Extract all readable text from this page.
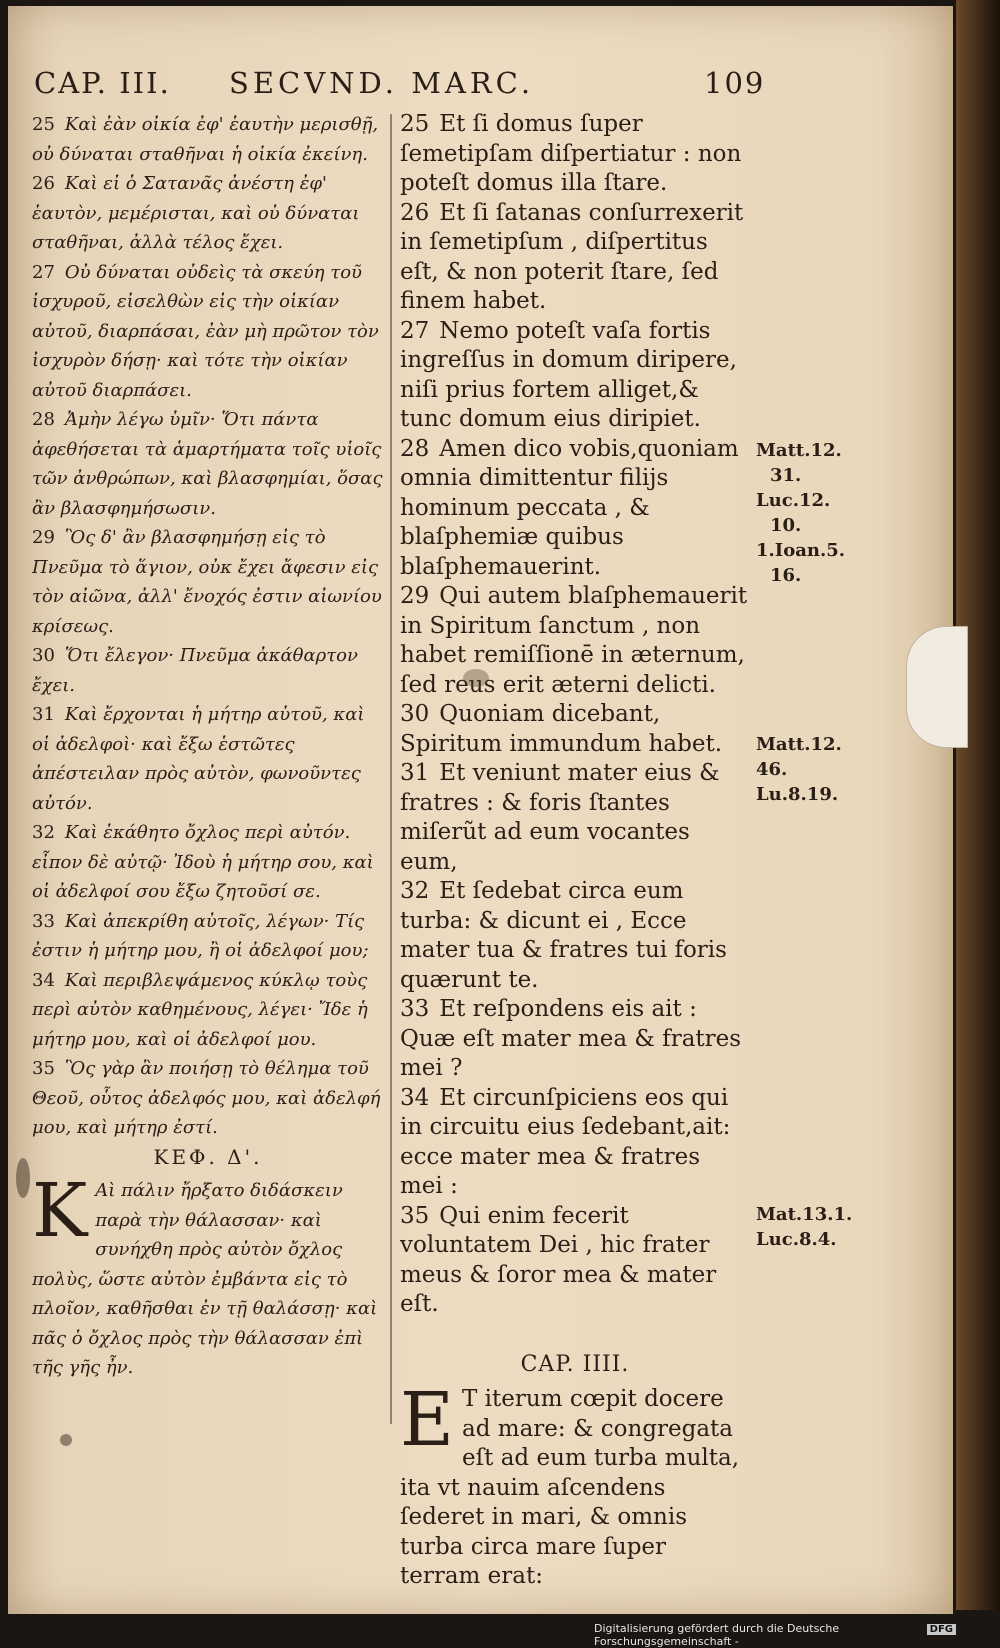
CAP. III. SECVND. MARC.	109

25 Καὶ ἐὰν οἰκία ἐφ' ἑαυτὴν μερισθῇ, οὐ δύναται σταθῆναι ἡ οἰκία ἐκείνη.

26 Καὶ εἰ ὁ Σατανᾶς ἀνέστη ἐφ' ἑαυτὸν, μεμέρισται, καὶ οὐ δύναται σταθῆναι, ἀλλὰ τέλος ἔχει.

27 Οὐ δύναται οὐδεὶς τὰ σκεύη τοῦ ἰσχυροῦ, εἰσελθὼν εἰς τὴν οἰκίαν αὐτοῦ, διαρπάσαι, ἐὰν μὴ πρῶτον τὸν ἰσχυρὸν δήσῃ· καὶ τότε τὴν οἰκίαν αὐτοῦ διαρπάσει.

28 Ἀμὴν λέγω ὑμῖν· Ὅτι πάντα ἀφεθήσεται τὰ ἁμαρτήματα τοῖς υἱοῖς τῶν ἀνθρώπων, καὶ βλασφημίαι, ὅσας ἂν βλασφημήσωσιν.

29 Ὃς δ' ἂν βλασφημήσῃ εἰς τὸ Πνεῦμα τὸ ἅγιον, οὐκ ἔχει ἄφεσιν εἰς τὸν αἰῶνα, ἀλλ' ἔνοχός ἐστιν αἰωνίου κρίσεως.

30 Ὅτι ἔλεγον· Πνεῦμα ἀκάθαρτον ἔχει.

31 Καὶ ἔρχονται ἡ μήτηρ αὐτοῦ, καὶ οἱ ἀδελφοὶ· καὶ ἔξω ἑστῶτες ἀπέστειλαν πρὸς αὐτὸν, φωνοῦντες αὐτόν.

32 Καὶ ἐκάθητο ὄχλος περὶ αὐτόν. εἶπον δὲ αὐτῷ· Ἰδοὺ ἡ μήτηρ σου, καὶ οἱ ἀδελφοί σου ἔξω ζητοῦσί σε.

33 Καὶ ἀπεκρίθη αὐτοῖς, λέγων· Τίς ἐστιν ἡ μήτηρ μου, ἢ οἱ ἀδελφοί μου;

34 Καὶ περιβλεψάμενος κύκλῳ τοὺς περὶ αὐτὸν καθημένους, λέγει· Ἴδε ἡ μήτηρ μου, καὶ οἱ ἀδελφοί μου.

35 Ὃς γὰρ ἂν ποιήσῃ τὸ θέλημα τοῦ Θεοῦ, οὗτος ἀδελφός μου, καὶ ἀδελφή μου, καὶ μήτηρ ἐστί.

ΚΕΦ. Δ'.

Κ Αὶ πάλιν ἤρξατο διδάσκειν παρὰ τὴν θάλασσαν· καὶ συνήχθη πρὸς αὐτὸν ὄχλος πολὺς, ὥστε αὐτὸν ἐμβάντα εἰς τὸ πλοῖον, καθῆσθαι ἐν τῇ θαλάσσῃ· καὶ πᾶς ὁ ὄχλος πρὸς τὴν θάλασσαν ἐπὶ τῆς γῆς ἦν.

25 Et ſi domus ſuper ſemetipſam diſpertiatur : non poteſt domus illa ſtare.

26 Et ſi ſatanas conſurrexerit in ſemetipſum , diſpertitus eſt, & non poterit ſtare, ſed finem habet.

27 Nemo poteſt vaſa fortis ingreſſus in domum diripere, niſi prius fortem alliget,& tunc domum eius diripiet.

28 Amen dico vobis,quoniam omnia dimittentur filijs hominum peccata , & blaſphemiæ quibus blaſphemauerint.

29 Qui autem blaſphemauerit in Spiritum ſanctum , non habet remiſſionē in æternum, ſed reus erit æterni delicti.

30 Quoniam dicebant, Spiritum immundum habet.

31 Et veniunt mater eius & fratres : & foris ſtantes miſerũt ad eum vocantes eum,

32 Et ſedebat circa eum turba: & dicunt ei , Ecce mater tua & fratres tui foris quærunt te.

33 Et reſpondens eis ait : Quæ eſt mater mea & fratres mei ?

34 Et circunſpiciens eos qui in circuitu eius ſedebant,ait: ecce mater mea & fratres mei :

35 Qui enim fecerit voluntatem Dei , hic frater meus & ſoror mea & mater eſt.

CAP. IIII.

E T iterum cœpit docere ad mare: & congregata eſt ad eum turba multa, ita vt nauim aſcendens ſederet in mari, & omnis turba circa mare ſuper terram erat:

Matt.12.
31.
Luc.12.
10.
1.Ioan.5.
16.
Matt.12.
46.
Lu.8.19.
Mat.13.1.
Luc.8.4.
Digitalisierung gefördert durch die Deutsche Forschungsgemeinschaft -
DFG
